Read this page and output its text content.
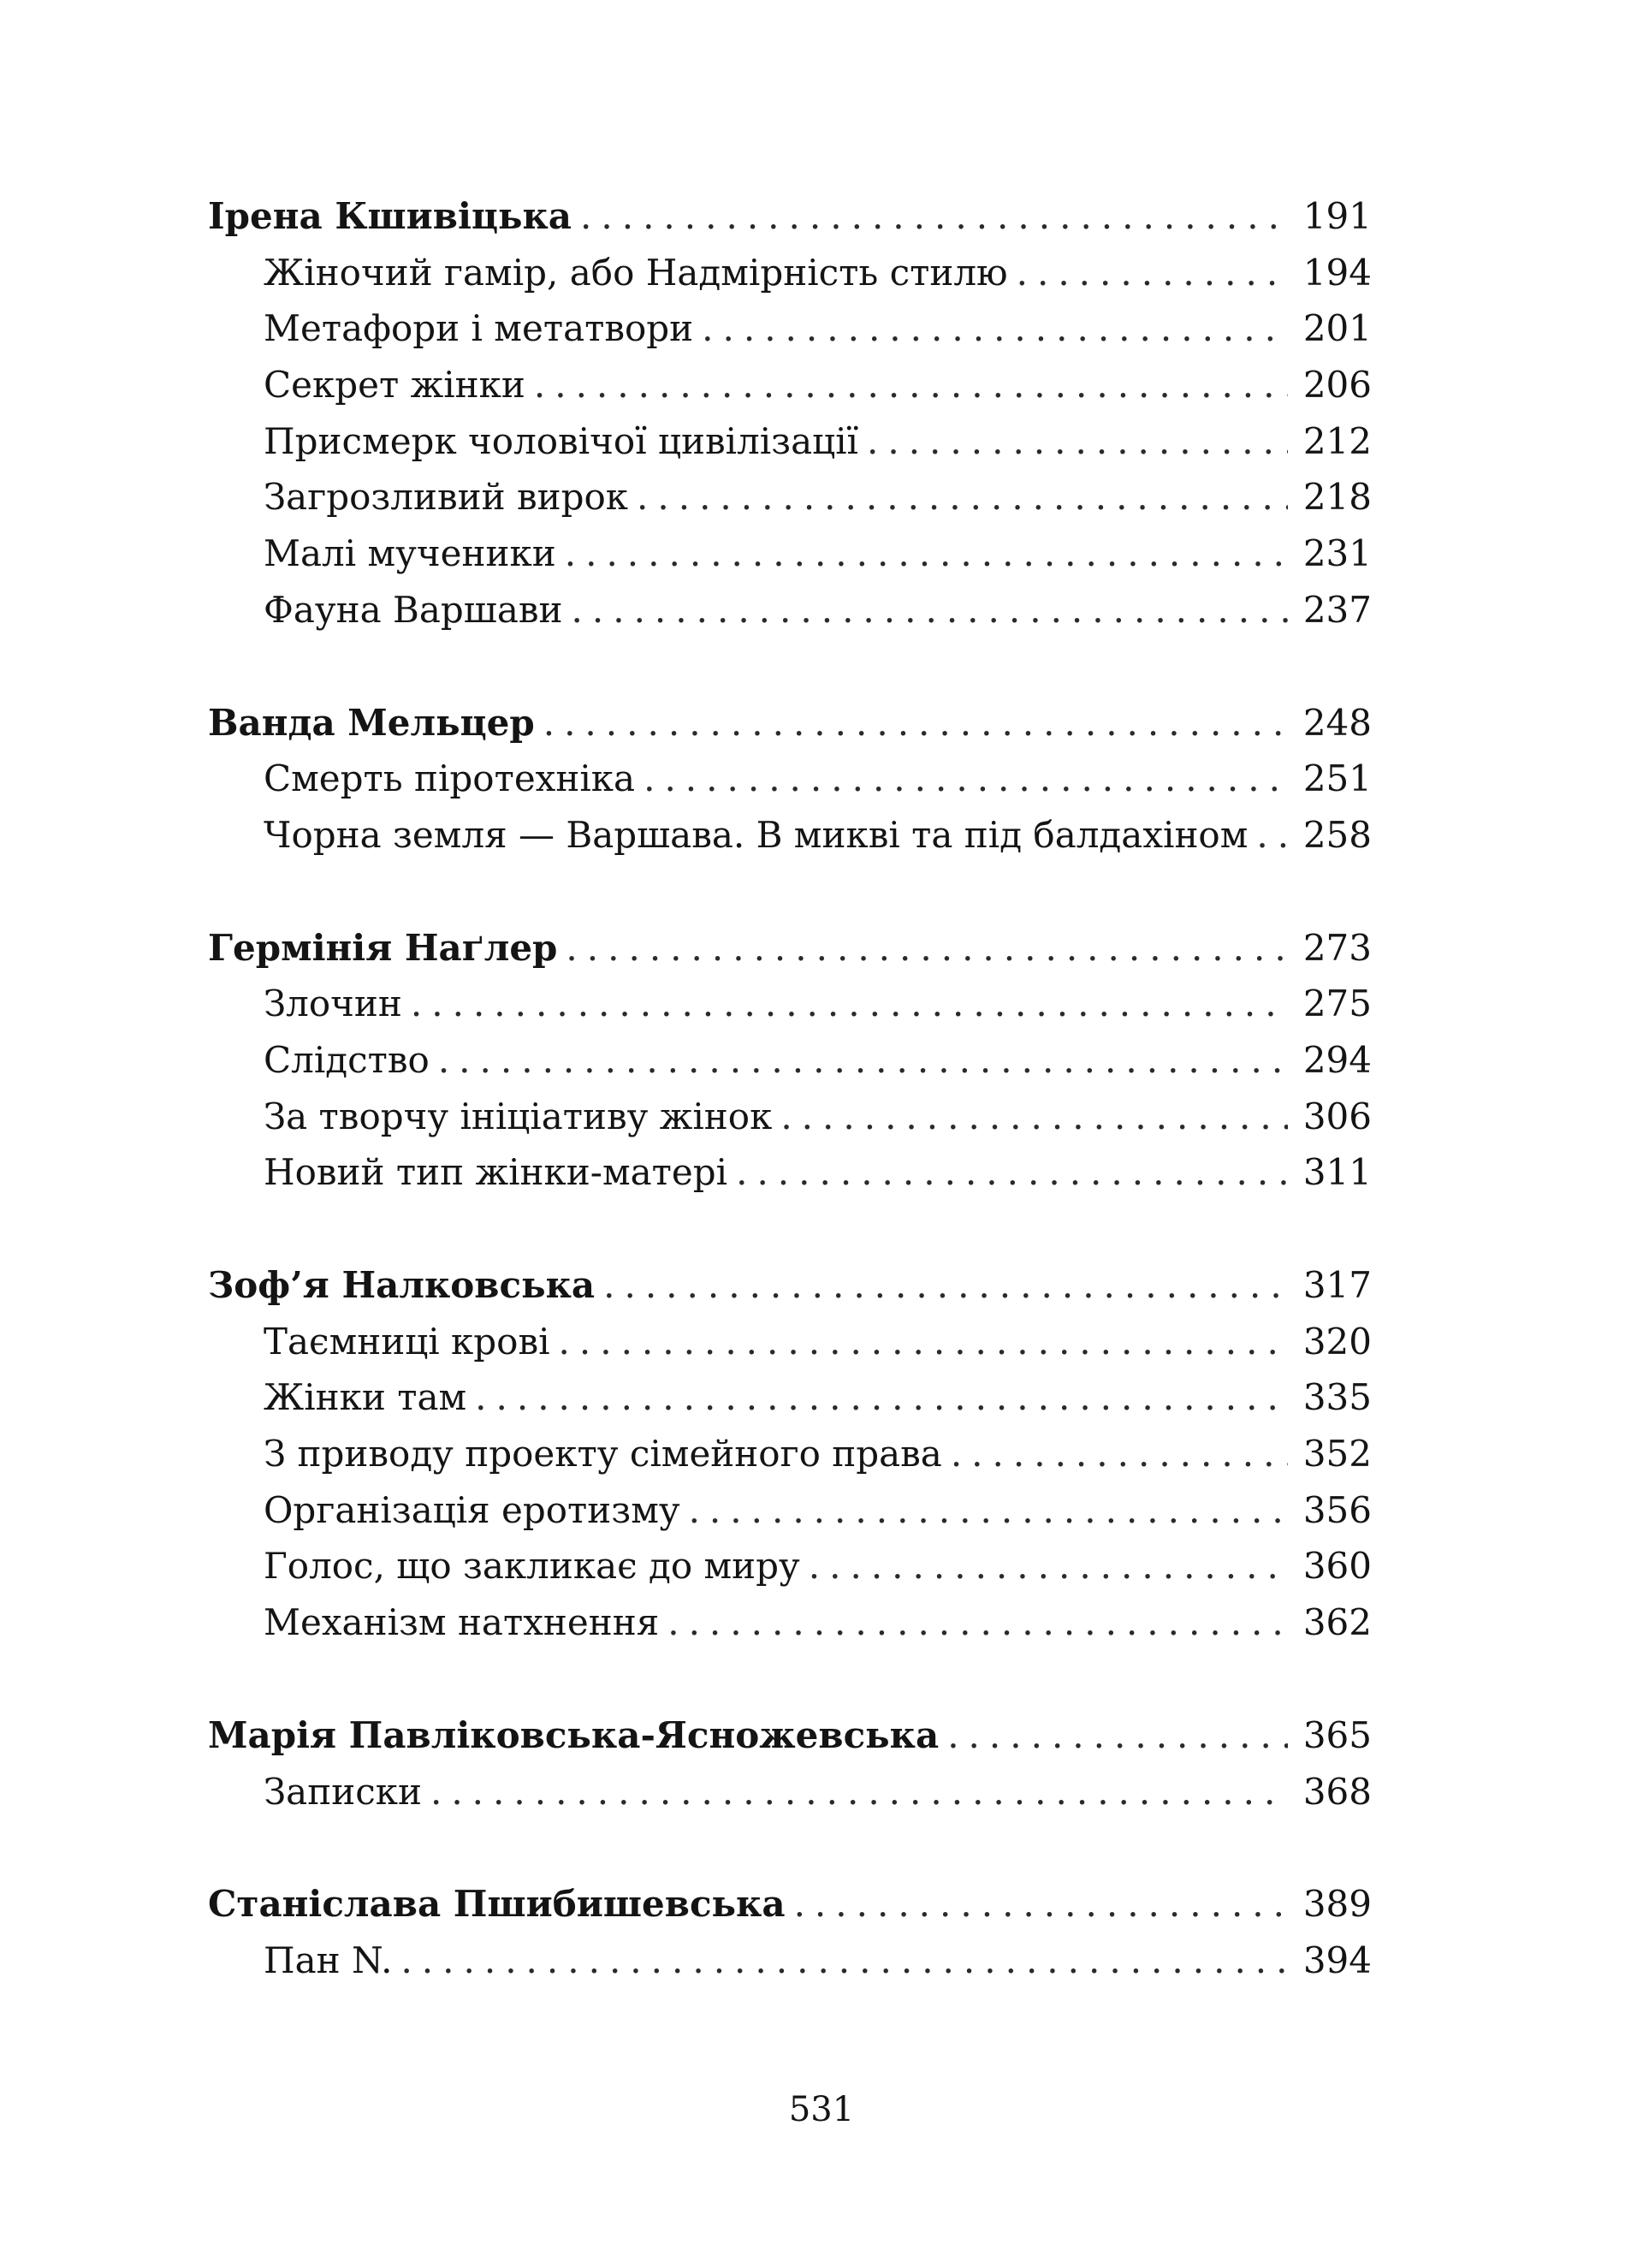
Ірена Кшивіцька .....	191
Жіночий гамір, або Надмірність стилю .....	194
Метафори і метатвори .....	201
Секрет жінки .....	206
Присмерк чоловічої цивілізації .....	212
Загрозливий вирок .....	218
Малі мученики .....	231
Фауна Варшави .....	237
Ванда Мельцер .....	248
Смерть піротехніка .....	251
Чорна земля — Варшава. В микві та під балдахіном ..... 258
Гермінія Наґлер .....	273
Злочин .....	275
Слідство .....	294
За творчу ініціативу жінок .....	306
Новий тип жінки-матері .....	311
Зоф’я Налковська .....	317
Таємниці крові .....	320
Жінки там .....	335
З приводу проекту сімейного права .....	352
Організація еротизму .....	356
Голос, що закликає до миру .....	360
Механізм натхнення .....	362
Марія Павліковська-Ясножевська .....	365
Записки .....	368
Станіслава Пшибишевська .....	389
Пан N. .....	394
531
